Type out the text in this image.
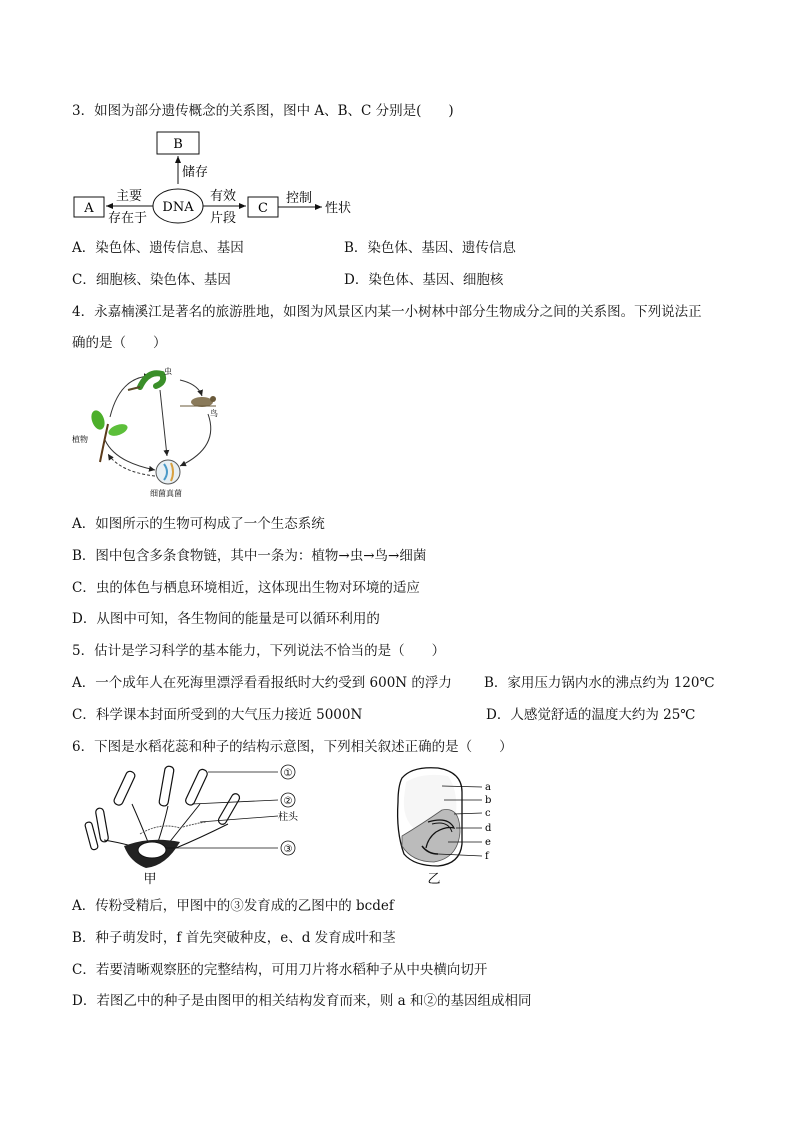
3．如图为部分遗传概念的关系图，图中 A、B、C 分别是(　　)
B
储存
DNA
A
主要
存在于
有效
片段
C
控制
性状
A．染色体、遗传信息、基因	B．染色体、基因、遗传信息
C．细胞核、染色体、基因	D．染色体、基因、细胞核
4．永嘉楠溪江是著名的旅游胜地，如图为风景区内某一小树林中部分生物成分之间的关系图。下列说法正
确的是（　　）
虫
鸟
植物
细菌真菌
A．如图所示的生物可构成了一个生态系统
B．图中包含多条食物链，其中一条为：植物→虫→鸟→细菌
C．虫的体色与栖息环境相近，这体现出生物对环境的适应
D．从图中可知，各生物间的能量是可以循环利用的
5．估计是学习科学的基本能力，下列说法不恰当的是（　　）
A．一个成年人在死海里漂浮看看报纸时大约受到 600N 的浮力 B．家用压力锅内水的沸点约为 120℃
C．科学课本封面所受到的大气压力接近 5000N	D．人感觉舒适的温度大约为 25℃
6．下图是水稻花蕊和种子的结构示意图，下列相关叙述正确的是（　　）
①
②
柱头
③
甲
a
b
c
d
e
f
乙
A．传粉受精后，甲图中的③发育成的乙图中的 bcdef
B．种子萌发时，f 首先突破种皮，e、d 发育成叶和茎
C．若要清晰观察胚的完整结构，可用刀片将水稻种子从中央横向切开
D．若图乙中的种子是由图甲的相关结构发育而来，则 a 和②的基因组成相同
